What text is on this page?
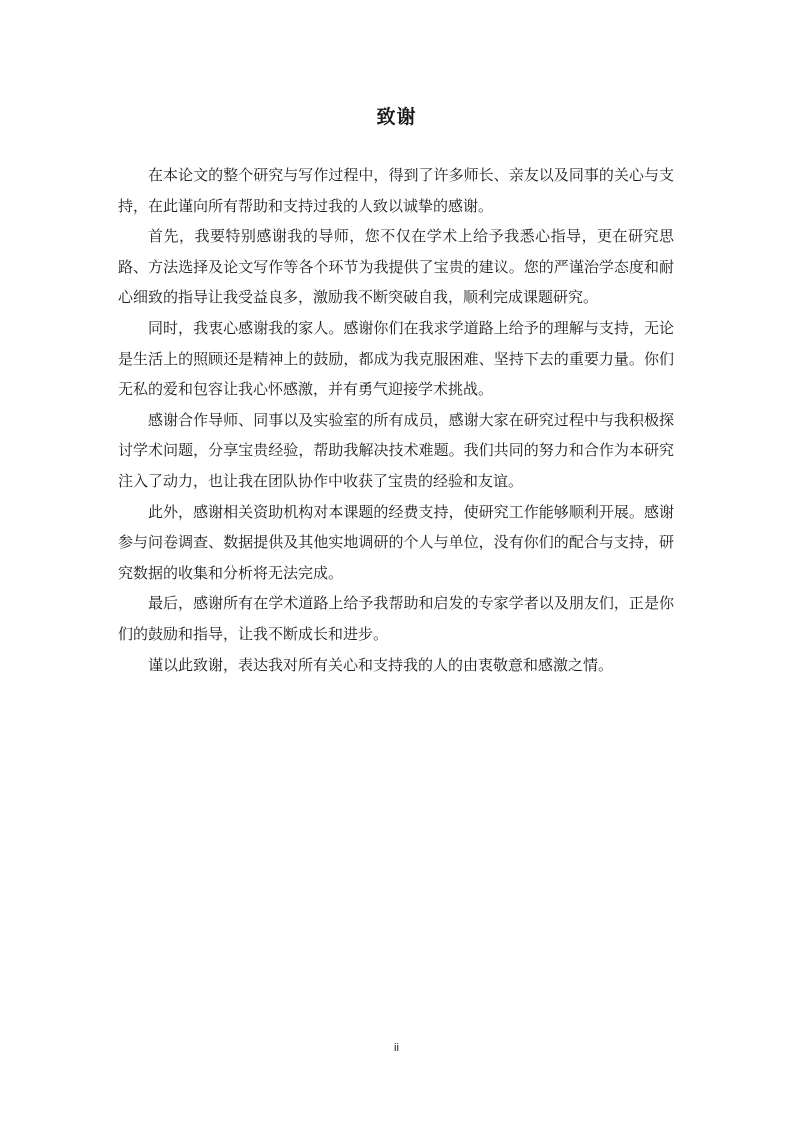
致谢

在本论文的整个研究与写作过程中，得到了许多师长、亲友以及同事的关心与支持，在此谨向所有帮助和支持过我的人致以诚挚的感谢。

首先，我要特别感谢我的导师，您不仅在学术上给予我悉心指导，更在研究思路、方法选择及论文写作等各个环节为我提供了宝贵的建议。您的严谨治学态度和耐心细致的指导让我受益良多，激励我不断突破自我，顺利完成课题研究。

同时，我衷心感谢我的家人。感谢你们在我求学道路上给予的理解与支持，无论是生活上的照顾还是精神上的鼓励，都成为我克服困难、坚持下去的重要力量。你们无私的爱和包容让我心怀感激，并有勇气迎接学术挑战。

感谢合作导师、同事以及实验室的所有成员，感谢大家在研究过程中与我积极探讨学术问题，分享宝贵经验，帮助我解决技术难题。我们共同的努力和合作为本研究注入了动力，也让我在团队协作中收获了宝贵的经验和友谊。

此外，感谢相关资助机构对本课题的经费支持，使研究工作能够顺利开展。感谢参与问卷调查、数据提供及其他实地调研的个人与单位，没有你们的配合与支持，研究数据的收集和分析将无法完成。

最后，感谢所有在学术道路上给予我帮助和启发的专家学者以及朋友们，正是你们的鼓励和指导，让我不断成长和进步。

谨以此致谢，表达我对所有关心和支持我的人的由衷敬意和感激之情。

ii
